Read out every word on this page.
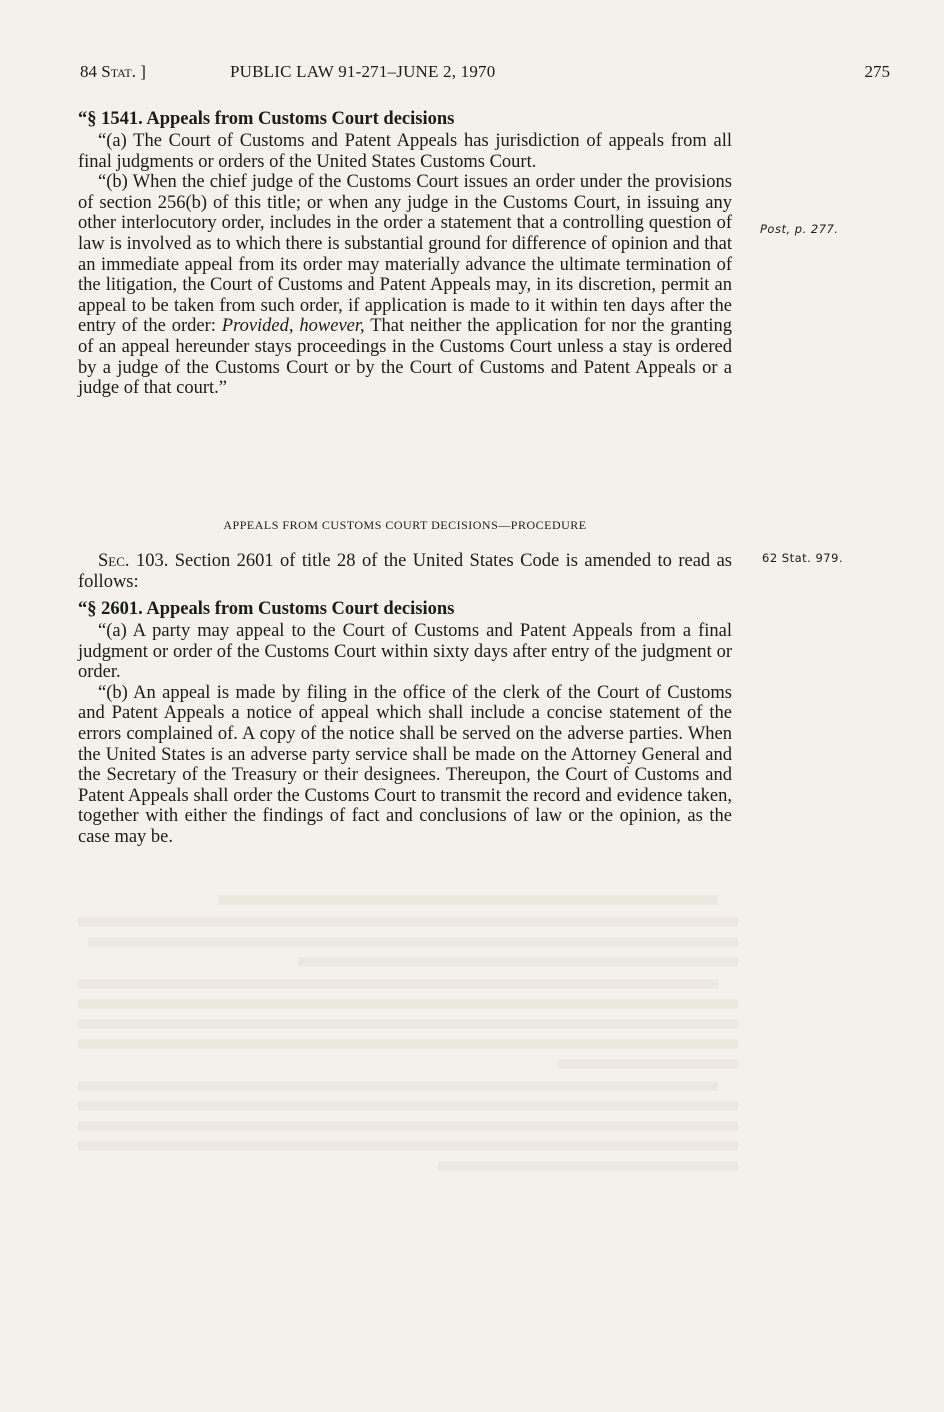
84 Stat. ]	PUBLIC LAW 91-271–JUNE 2, 1970	275

“§ 1541. Appeals from Customs Court decisions

“(a) The Court of Customs and Patent Appeals has jurisdiction of appeals from all final judgments or orders of the United States Customs Court.

“(b) When the chief judge of the Customs Court issues an order under the provisions of section 256(b) of this title; or when any judge in the Customs Court, in issuing any other interlocutory order, includes in the order a statement that a controlling question of law is involved as to which there is substantial ground for difference of opinion and that an immediate appeal from its order may materially advance the ultimate termination of the litigation, the Court of Customs and Patent Appeals may, in its discretion, permit an appeal to be taken from such order, if application is made to it within ten days after the entry of the order: Provided, however, That neither the application for nor the granting of an appeal hereunder stays proceedings in the Customs Court unless a stay is ordered by a judge of the Customs Court or by the Court of Customs and Patent Appeals or a judge of that court.”

APPEALS FROM CUSTOMS COURT DECISIONS—PROCEDURE

Sec. 103. Section 2601 of title 28 of the United States Code is amended to read as follows:

“§ 2601. Appeals from Customs Court decisions

“(a) A party may appeal to the Court of Customs and Patent Appeals from a final judgment or order of the Customs Court within sixty days after entry of the judgment or order.

“(b) An appeal is made by filing in the office of the clerk of the Court of Customs and Patent Appeals a notice of appeal which shall include a concise statement of the errors complained of. A copy of the notice shall be served on the adverse parties. When the United States is an adverse party service shall be made on the Attorney General and the Secretary of the Treasury or their designees. Thereupon, the Court of Customs and Patent Appeals shall order the Customs Court to transmit the record and evidence taken, together with either the findings of fact and conclusions of law or the opinion, as the case may be.

Post, p. 277.
62 Stat. 979.
